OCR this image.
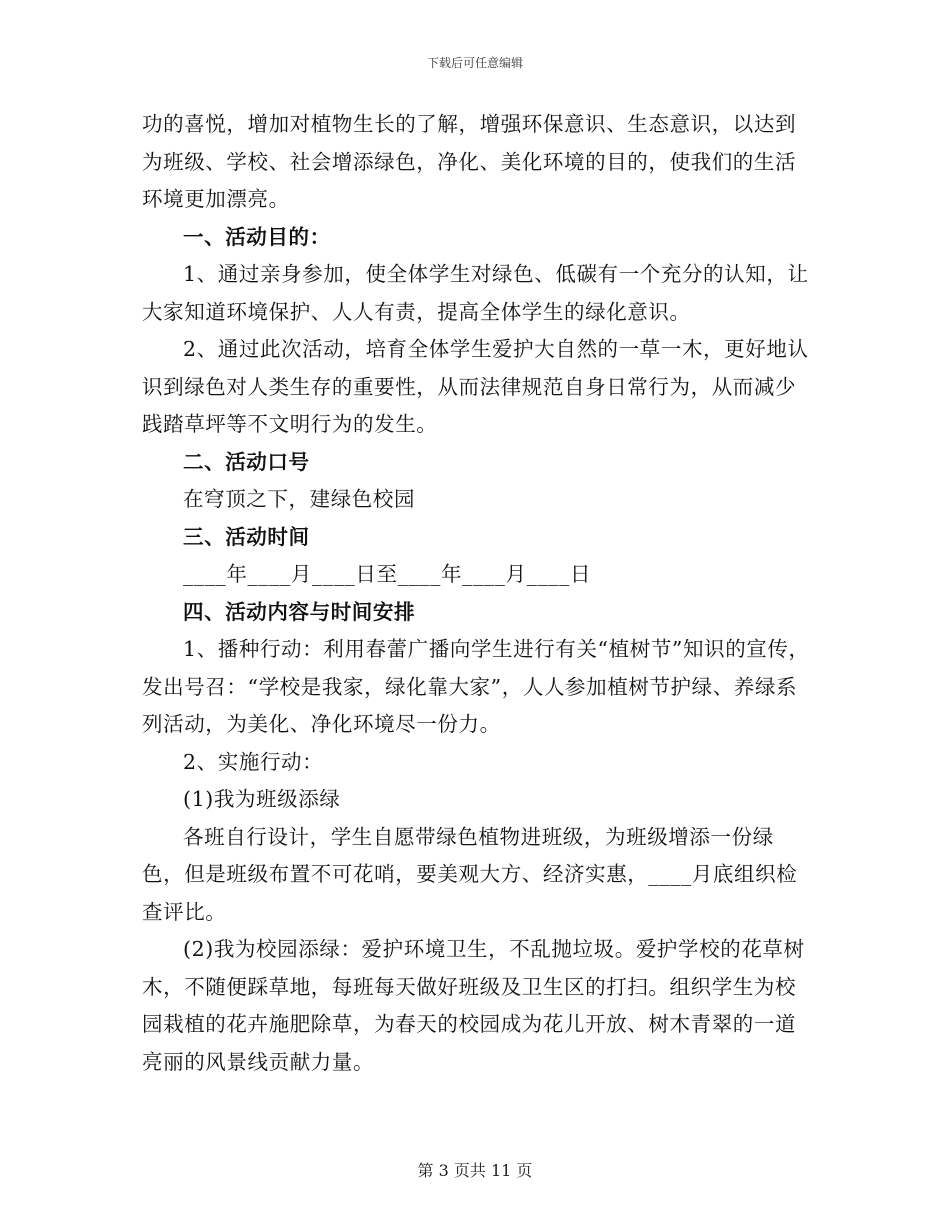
下载后可任意编辑

功的喜悦，增加对植物生长的了解，增强环保意识、生态意识，以达到为班级、学校、社会增添绿色，净化、美化环境的目的，使我们的生活环境更加漂亮。

一、活动目的：

1、通过亲身参加，使全体学生对绿色、低碳有一个充分的认知，让大家知道环境保护、人人有责，提高全体学生的绿化意识。

2、通过此次活动，培育全体学生爱护大自然的一草一木，更好地认识到绿色对人类生存的重要性，从而法律规范自身日常行为，从而减少践踏草坪等不文明行为的发生。

二、活动口号

在穹顶之下，建绿色校园

三、活动时间

____年____月____日至____年____月____日

四、活动内容与时间安排

1、播种行动：利用春蕾广播向学生进行有关“植树节”知识的宣传，发出号召：“学校是我家，绿化靠大家”，人人参加植树节护绿、养绿系列活动，为美化、净化环境尽一份力。

2、实施行动：

(1)我为班级添绿

各班自行设计，学生自愿带绿色植物进班级，为班级增添一份绿色，但是班级布置不可花哨，要美观大方、经济实惠，____月底组织检查评比。

(2)我为校园添绿：爱护环境卫生，不乱抛垃圾。爱护学校的花草树木，不随便踩草地，每班每天做好班级及卫生区的打扫。组织学生为校园栽植的花卉施肥除草，为春天的校园成为花儿开放、树木青翠的一道亮丽的风景线贡献力量。

第 3 页共 11 页
